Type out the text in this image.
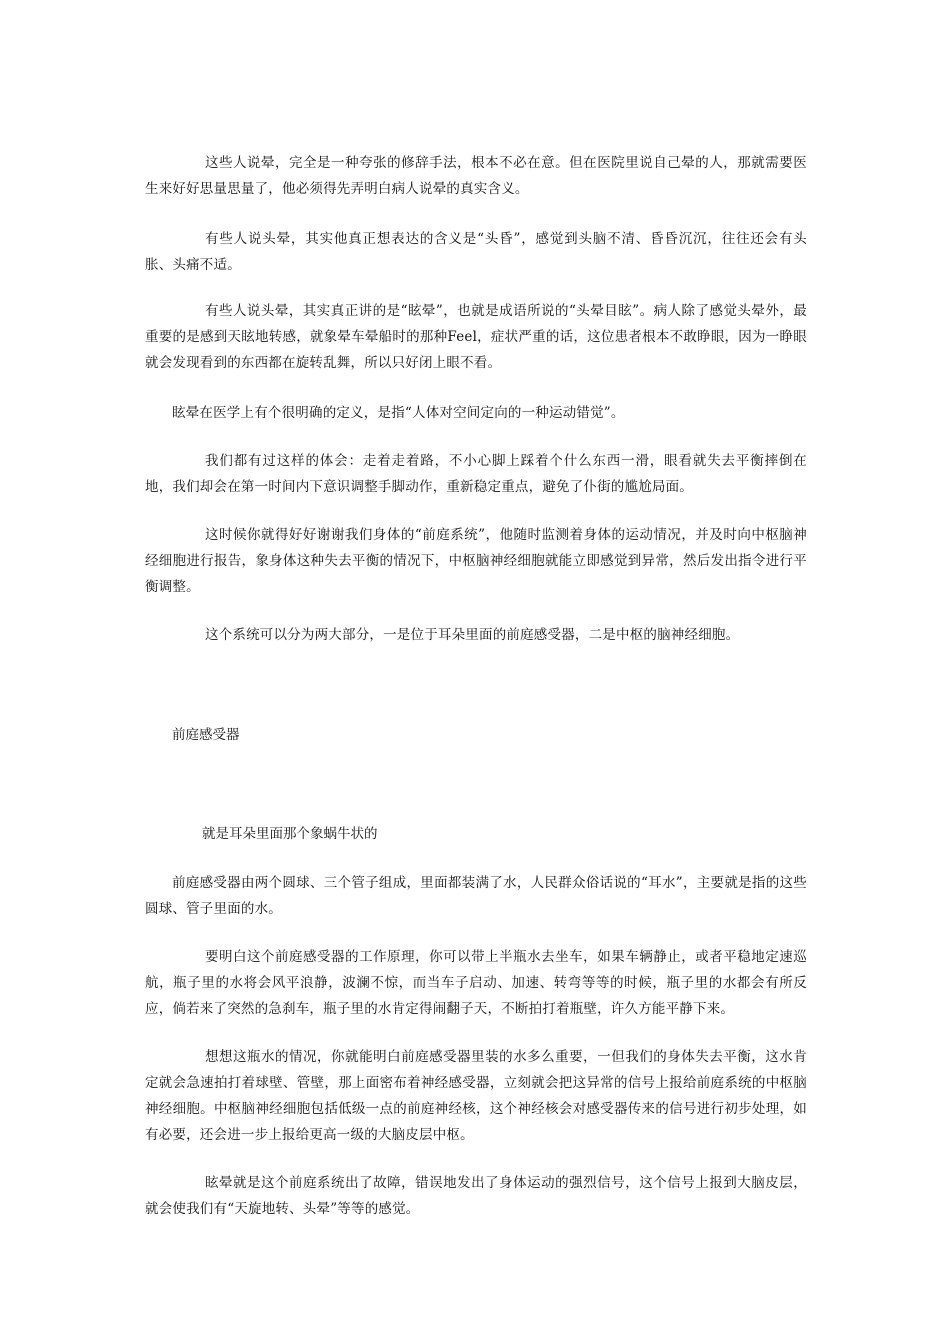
这些人说晕，完全是一种夸张的修辞手法，根本不必在意。但在医院里说自己晕的人，那就需要医生来好好思量思量了，他必须得先弄明白病人说晕的真实含义。

有些人说头晕，其实他真正想表达的含义是“头昏”，感觉到头脑不清、昏昏沉沉，往往还会有头胀、头痛不适。

有些人说头晕，其实真正讲的是“眩晕”，也就是成语所说的“头晕目眩”。病人除了感觉头晕外，最重要的是感到天眩地转感，就象晕车晕船时的那种Feel，症状严重的话，这位患者根本不敢睁眼，因为一睁眼就会发现看到的东西都在旋转乱舞，所以只好闭上眼不看。

眩晕在医学上有个很明确的定义，是指“人体对空间定向的一种运动错觉”。

我们都有过这样的体会：走着走着路，不小心脚上踩着个什么东西一滑，眼看就失去平衡摔倒在地，我们却会在第一时间内下意识调整手脚动作，重新稳定重点，避免了仆街的尴尬局面。

这时候你就得好好谢谢我们身体的“前庭系统”，他随时监测着身体的运动情况，并及时向中枢脑神经细胞进行报告，象身体这种失去平衡的情况下，中枢脑神经细胞就能立即感觉到异常，然后发出指令进行平衡调整。

这个系统可以分为两大部分，一是位于耳朵里面的前庭感受器，二是中枢的脑神经细胞。

前庭感受器

就是耳朵里面那个象蜗牛状的

前庭感受器由两个圆球、三个管子组成，里面都装满了水，人民群众俗话说的“耳水”，主要就是指的这些圆球、管子里面的水。

要明白这个前庭感受器的工作原理，你可以带上半瓶水去坐车，如果车辆静止，或者平稳地定速巡航，瓶子里的水将会风平浪静，波澜不惊，而当车子启动、加速、转弯等等的时候，瓶子里的水都会有所反应，倘若来了突然的急刹车，瓶子里的水肯定得闹翻子天，不断拍打着瓶壁，许久方能平静下来。

想想这瓶水的情况，你就能明白前庭感受器里装的水多么重要，一但我们的身体失去平衡，这水肯定就会急速拍打着球壁、管壁，那上面密布着神经感受器，立刻就会把这异常的信号上报给前庭系统的中枢脑神经细胞。中枢脑神经细胞包括低级一点的前庭神经核，这个神经核会对感受器传来的信号进行初步处理，如有必要，还会进一步上报给更高一级的大脑皮层中枢。

眩晕就是这个前庭系统出了故障，错误地发出了身体运动的强烈信号，这个信号上报到大脑皮层，就会使我们有“天旋地转、头晕”等等的感觉。
